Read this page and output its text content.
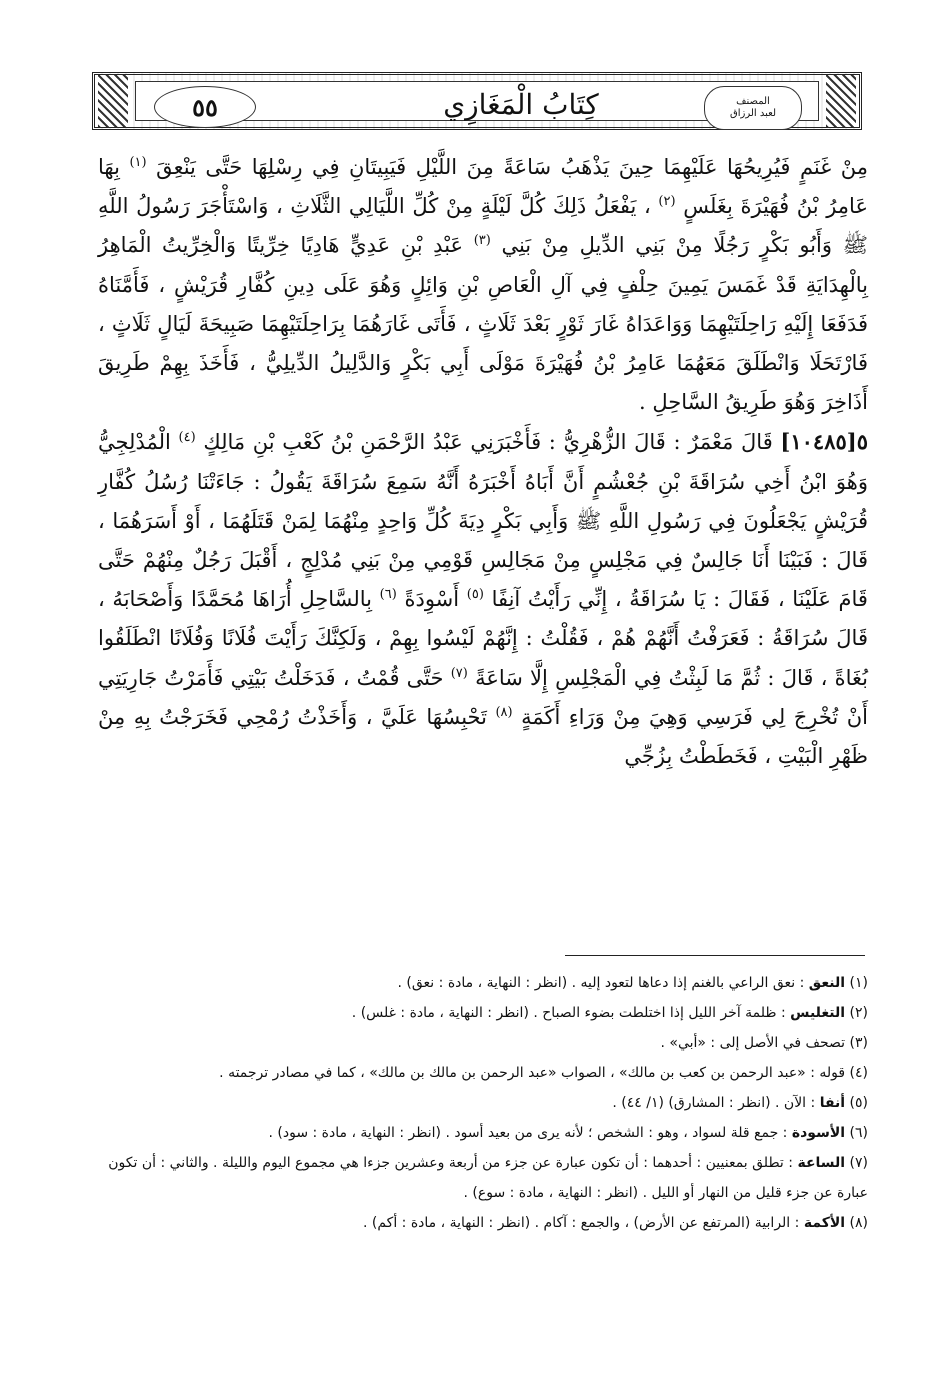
٥٥	كِتَابُ الْمَغَازِي	المصنف
لعبد الرزاق

مِنْ غَنَمٍ فَيُرِيحُهَا عَلَيْهِمَا حِينَ يَذْهَبُ سَاعَةً مِنَ اللَّيْلِ فَيَبِيتَانِ فِي رِسْلِهَا حَتَّى يَنْعِقَ $^{(١)}$ بِهَا عَامِرُ بْنُ فُهَيْرَةَ بِغَلَسٍ $^{(٢)}$ ، يَفْعَلُ ذَلِكَ كُلَّ لَيْلَةٍ مِنْ كُلِّ اللَّيَالِي الثَّلَاثِ ، وَاسْتَأْجَرَ رَسُولُ اللَّهِ ﷺ وَأَبُو بَكْرٍ رَجُلًا مِنْ بَنِي الدِّيلِ مِنْ بَنِي $^{(٣)}$ عَبْدِ بْنِ عَدِيٍّ هَادِيًا خِرِّيتًا وَالْخِرِّيتُ الْمَاهِرُ بِالْهِدَايَةِ قَدْ غَمَسَ يَمِينَ حِلْفٍ فِي آلِ الْعَاصِ بْنِ وَائِلٍ وَهُوَ عَلَى دِينِ كُفَّارِ قُرَيْشٍ ، فَأَمَّنَاهُ فَدَفَعَا إِلَيْهِ رَاحِلَتَيْهِمَا وَوَاعَدَاهُ غَارَ ثَوْرٍ بَعْدَ ثَلَاثٍ ، فَأَتَى غَارَهُمَا بِرَاحِلَتَيْهِمَا صَبِيحَةَ لَيَالٍ ثَلَاثٍ ، فَارْتَحَلَا وَانْطَلَقَ مَعَهُمَا عَامِرُ بْنُ فُهَيْرَةَ مَوْلَى أَبِي بَكْرٍ وَالدَّلِيلُ الدِّيلِيُّ ، فَأَخَذَ بِهِمْ طَرِيقَ أَذَاخِرَ وَهُوَ طَرِيقُ السَّاحِلِ .

٥[١٠٤٨٥] قَالَ مَعْمَرٌ : قَالَ الزُّهْرِيُّ : فَأَخْبَرَنِي عَبْدُ الرَّحْمَنِ بْنُ كَعْبِ بْنِ مَالِكٍ $^{(٤)}$ الْمُدْلِجِيُّ وَهُوَ ابْنُ أَخِي سُرَاقَةَ بْنِ جُعْشُمٍ أَنَّ أَبَاهُ أَخْبَرَهُ أَنَّهُ سَمِعَ سُرَاقَةَ يَقُولُ : جَاءَتْنَا رُسُلُ كُفَّارِ قُرَيْشٍ يَجْعَلُونَ فِي رَسُولِ اللَّهِ ﷺ وَأَبِي بَكْرٍ دِيَةَ كُلِّ وَاحِدٍ مِنْهُمَا لِمَنْ قَتَلَهُمَا ، أَوْ أَسَرَهُمَا ، قَالَ : فَبَيْنَا أَنَا جَالِسٌ فِي مَجْلِسٍ مِنْ مَجَالِسِ قَوْمِي مِنْ بَنِي مُدْلِجٍ ، أَقْبَلَ رَجُلٌ مِنْهُمْ حَتَّى قَامَ عَلَيْنَا ، فَقَالَ : يَا سُرَاقَةُ ، إِنِّي رَأَيْتُ آنِفًا $^{(٥)}$ أَسْوِدَةً $^{(٦)}$ بِالسَّاحِلِ أُرَاهَا مُحَمَّدًا وَأَصْحَابَهُ ، قَالَ سُرَاقَةُ : فَعَرَفْتُ أَنَّهُمْ هُمْ ، فَقُلْتُ : إِنَّهُمْ لَيْسُوا بِهِمْ ، وَلَكِنَّكَ رَأَيْتَ فُلَانًا وَفُلَانًا انْطَلَقُوا بُغَاةً ، قَالَ : ثُمَّ مَا لَبِثْتُ فِي الْمَجْلِسِ إِلَّا سَاعَةً $^{(٧)}$ حَتَّى قُمْتُ ، فَدَخَلْتُ بَيْتِي فَأَمَرْتُ جَارِيَتِي أَنْ تُخْرِجَ لِي فَرَسِي وَهِيَ مِنْ وَرَاءِ أَكَمَةٍ $^{(٨)}$ تَحْبِسُهَا عَلَيَّ ، وَأَخَذْتُ رُمْحِي فَخَرَجْتُ بِهِ مِنْ ظَهْرِ الْبَيْتِ ، فَخَطَطْتُ بِزُجِّي

(١) النعق : نعق الراعي بالغنم إذا دعاها لتعود إليه . (انظر : النهاية ، مادة : نعق) .

(٢) التغليس : ظلمة آخر الليل إذا اختلطت بضوء الصباح . (انظر : النهاية ، مادة : غلس) .

(٣) تصحف في الأصل إلى : «أبي» .

(٤) قوله : «عبد الرحمن بن كعب بن مالك» ، الصواب «عبد الرحمن بن مالك بن مالك» ، كما في مصادر ترجمته .

(٥) أنفا : الآن . (انظر : المشارق) (١/ ٤٤) .

(٦) الأسودة : جمع قلة لسواد ، وهو : الشخص ؛ لأنه يرى من بعيد أسود . (انظر : النهاية ، مادة : سود) .

(٧) الساعة : تطلق بمعنيين : أحدهما : أن تكون عبارة عن جزء من أربعة وعشرين جزءا هي مجموع اليوم والليلة . والثاني : أن تكون عبارة عن جزء قليل من النهار أو الليل . (انظر : النهاية ، مادة : سوع) .

(٨) الأكمة : الرابية (المرتفع عن الأرض) ، والجمع : آكام . (انظر : النهاية ، مادة : أكم) .
